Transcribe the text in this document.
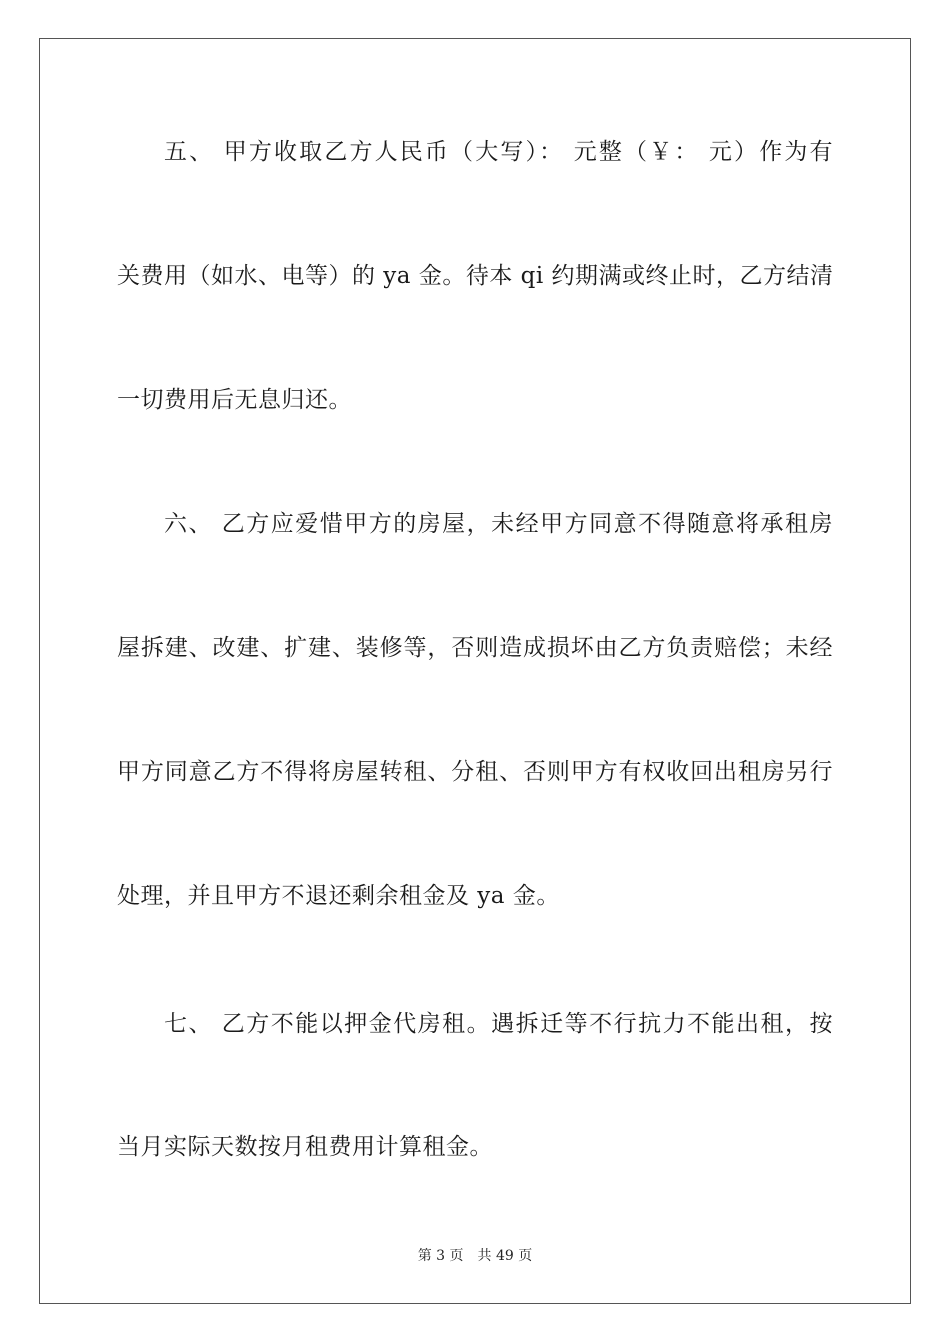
五、 甲方收取乙方人民币（大写）： 元整（￥： 元）作为有
关费用（如水、电等）的 ya 金。待本 qi 约期满或终止时，乙方结清
一切费用后无息归还。
六、 乙方应爱惜甲方的房屋，未经甲方同意不得随意将承租房
屋拆建、改建、扩建、装修等，否则造成损坏由乙方负责赔偿；未经
甲方同意乙方不得将房屋转租、分租、否则甲方有权收回出租房另行
处理，并且甲方不退还剩余租金及 ya 金。
七、 乙方不能以押金代房租。遇拆迁等不行抗力不能出租，按
当月实际天数按月租费用计算租金。
第 3 页 共 49 页
